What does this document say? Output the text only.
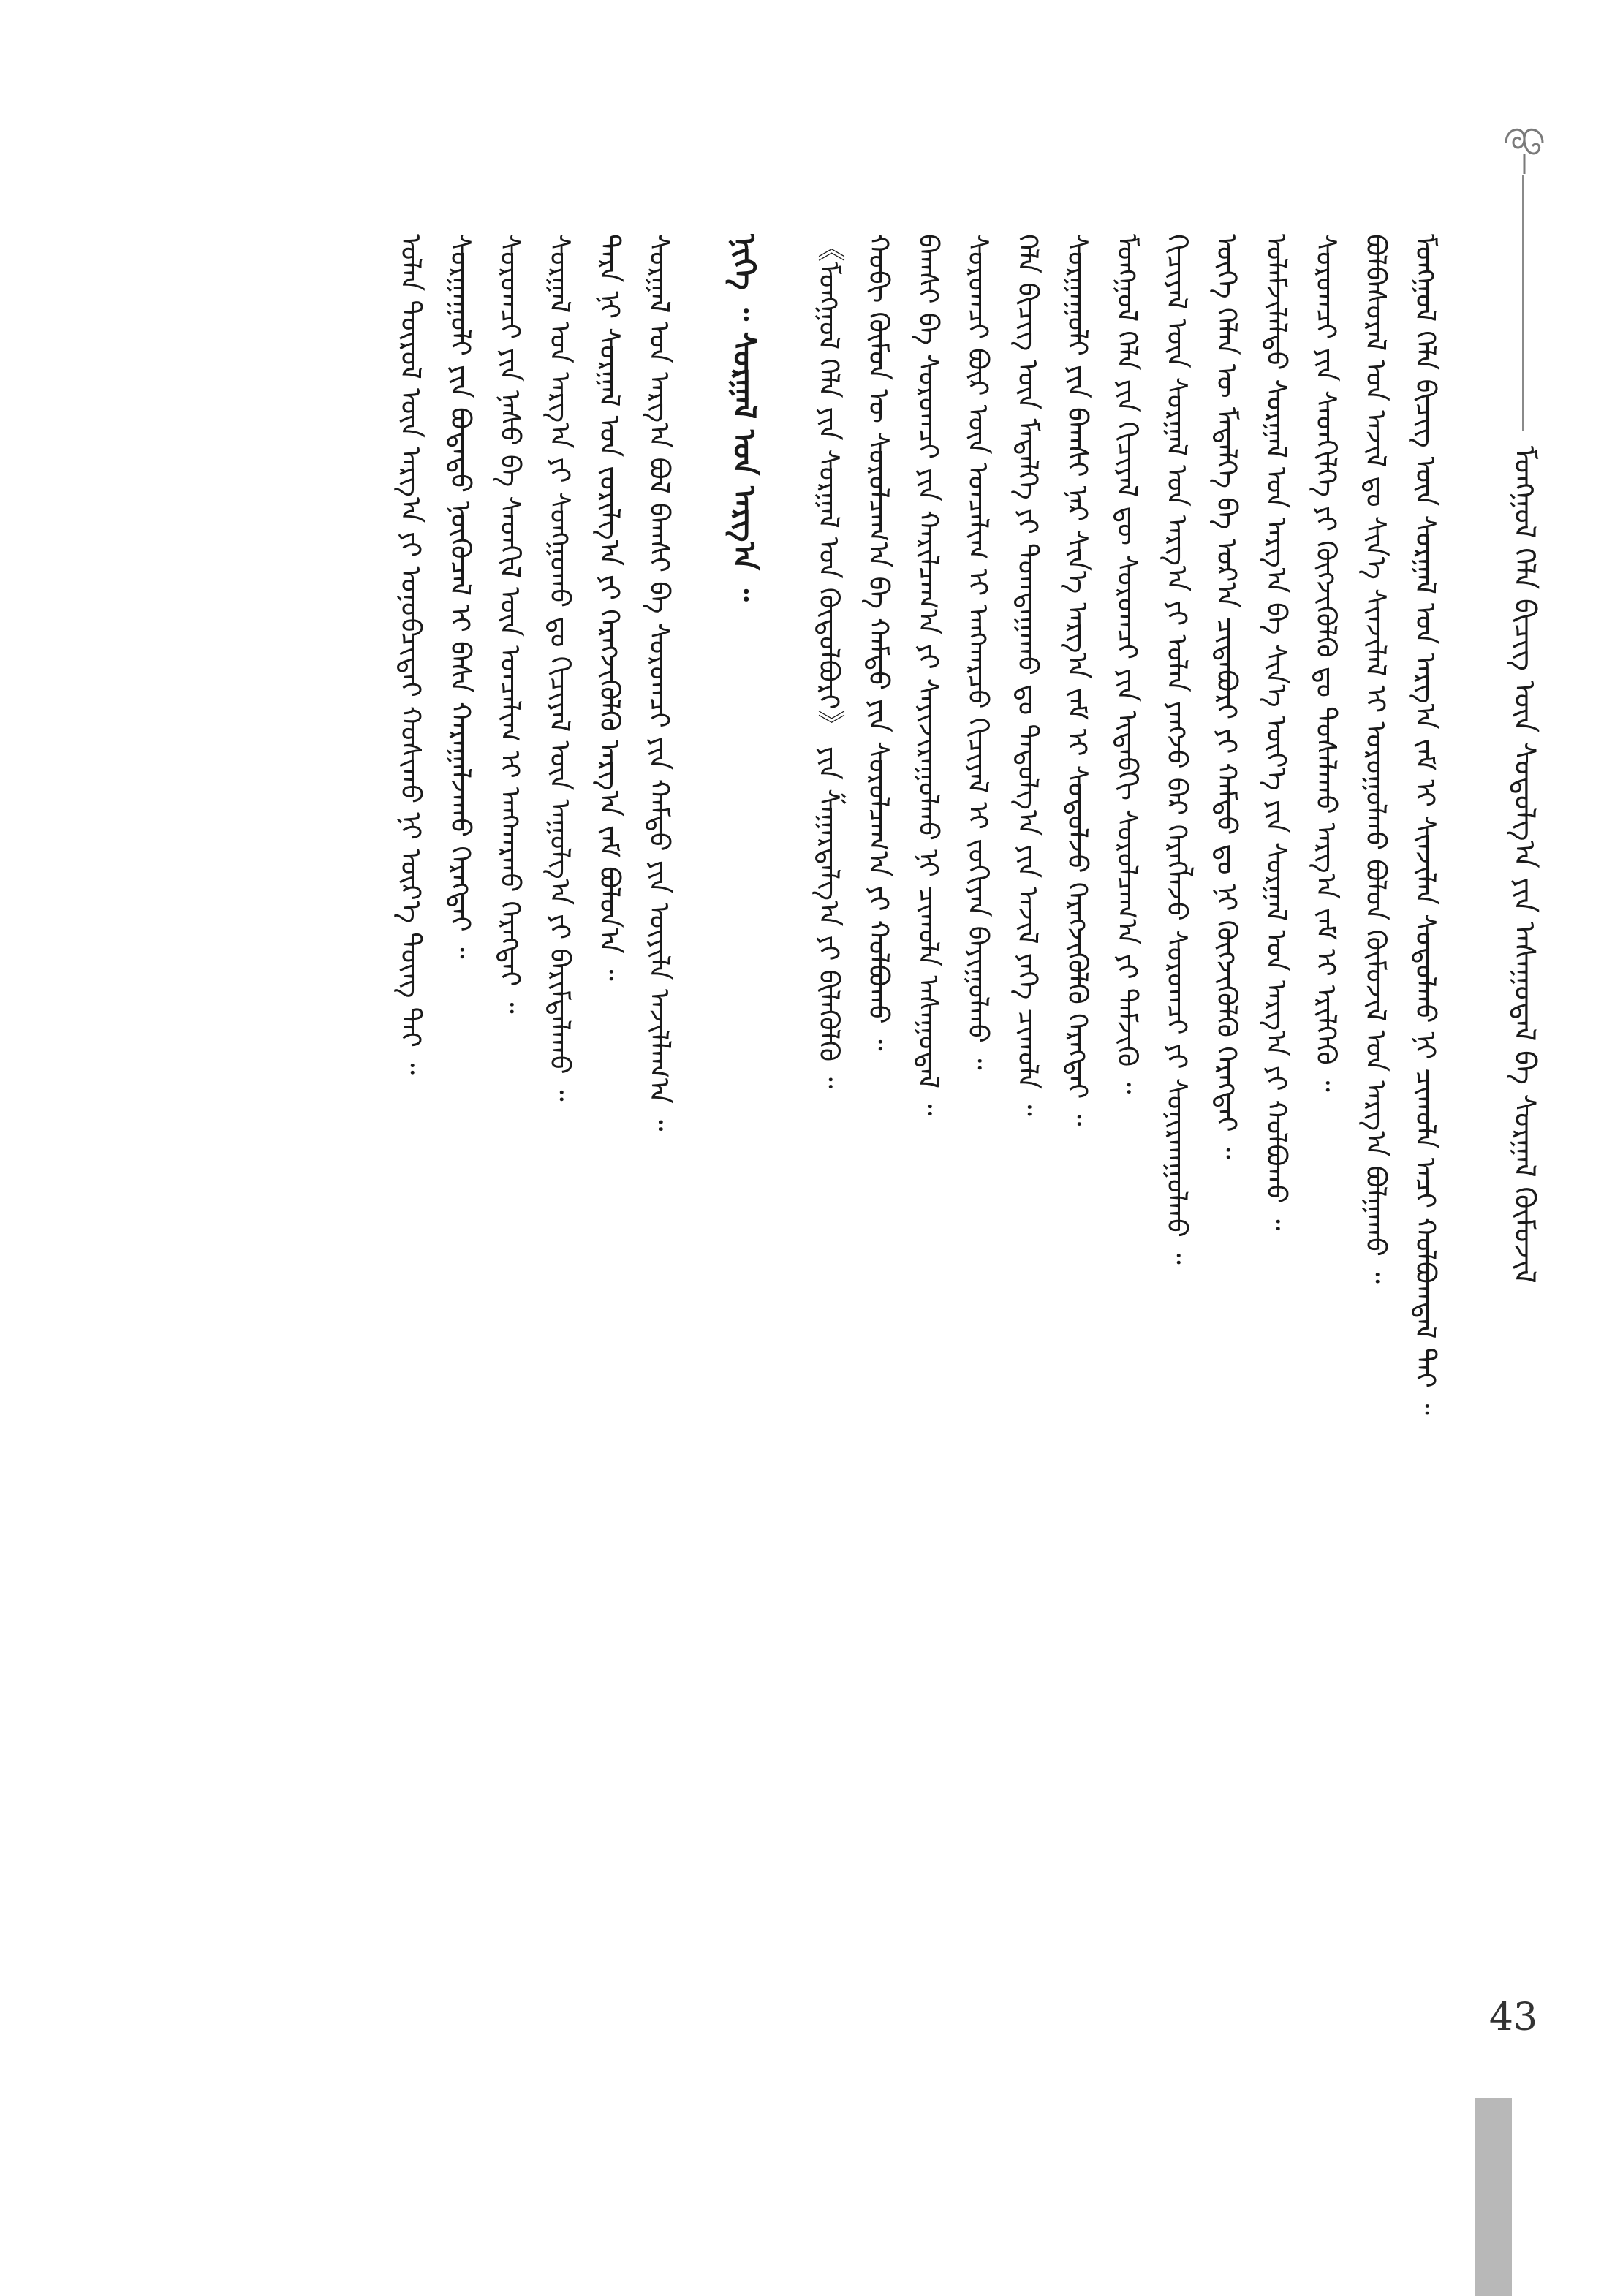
ᠮᠣᠩᠭᠣᠯ ᠬᠡᠯᠡ ᠪᠢᠴᠢᠭ ᠦᠨ ᠰᠤᠳᠤᠯᠭ᠎ᠠ ᠶᠢᠨ ᠠᠰᠠᠭᠤᠳᠠᠯ ᠪᠠ ᠰᠤᠷᠭᠠᠯ ᠬᠦᠮᠦᠵᠢᠯ
ᠮᠣᠩᠭᠣᠯ ᠬᠡᠯᠡ ᠪᠢᠴᠢᠭ ᠦᠨ ᠰᠤᠷᠭᠠᠯ ᠤᠨ ᠠᠷᠭ᠎ᠠ ᠵᠠᠮ ᠢ ᠰᠢᠨᠵᠢᠯᠡᠨ ᠰᠤᠳᠤᠯᠬᠤ ᠨᠢ ᠴᠢᠬᠤᠯᠠ ᠠᠴᠢ ᠬᠣᠯᠪᠣᠭᠳᠠᠯ ᠲᠠᠢ ᠃
ᠪᠣᠯᠪᠠᠰᠤᠷᠠᠯ ᠤᠨ ᠠᠵᠢᠯ ᠳᠤ ᠰᠢᠨ᠎ᠡ ᠰᠢᠨᠵᠢᠯᠡᠯ ᠢ ᠣᠷᠣᠭᠤᠯᠬᠤ ᠪᠣᠯᠤᠨ ᠬᠦᠮᠦᠵᠢᠯ ᠤᠨ ᠠᠷᠭ᠎ᠠ ᠪᠣᠯᠭᠠᠬᠤ ᠃
ᠰᠤᠷᠤᠭᠴᠢ ᠶᠢᠨ ᠰᠡᠳᠬᠢᠯᠭᠡ ᠶᠢ ᠬᠥᠭᠵᠢᠭᠦᠯᠬᠦ ᠳᠤ ᠲᠤᠰᠠᠯᠠᠬᠤ ᠠᠷᠭ᠎ᠠ ᠵᠠᠮ ᠢ ᠡᠷᠢᠯᠬᠡᠬᠦ ᠃
ᠤᠯᠠᠮᠵᠢᠯᠠᠯᠲᠤ ᠰᠤᠷᠭᠠᠯ ᠤᠨ ᠠᠷᠭ᠎ᠠ ᠪᠠ ᠰᠢᠨ᠎ᠡ ᠦᠶ᠎ᠡ ᠶᠢᠨ ᠰᠤᠷᠭᠠᠯ ᠤᠨ ᠠᠷᠭ᠎ᠠ ᠶᠢ ᠬᠣᠯᠪᠣᠬᠤ ᠃
ᠦᠭᠡ ᠬᠡᠯᠡᠨ ᠦ ᠮᠡᠳᠡᠯᠭᠡ ᠪᠠ ᠤᠷ᠎ᠠ ᠴᠢᠳᠠᠪᠤᠷᠢ ᠶᠢ ᠬᠠᠮᠲᠤ ᠳᠤ ᠨᠢ ᠬᠥᠭᠵᠢᠭᠦᠯᠬᠦ ᠬᠡᠷᠡᠭᠲᠡᠢ ᠃
ᠬᠢᠴᠢᠶᠡᠯ ᠦᠨ ᠰᠤᠷᠭᠠᠯ ᠤᠨ ᠠᠷᠭ᠎ᠠ ᠶᠢ ᠣᠯᠠᠨ ᠶᠠᠩᠵᠤ ᠪᠠᠷ ᠬᠡᠷᠡᠭᠯᠡᠵᠦ ᠰᠤᠷᠤᠭᠴᠢ ᠶᠢ ᠰᠣᠨᠢᠷᠬᠠᠭᠤᠯᠬᠤ ᠃
ᠮᠣᠩᠭᠣᠯ ᠬᠡᠯᠡ ᠶᠢᠨ ᠬᠢᠴᠢᠶᠡᠯ ᠳᠦ ᠰᠤᠷᠤᠭᠴᠢ ᠶᠢᠨ ᠢᠳᠡᠪᠬᠢ ᠰᠤᠷᠤᠯᠴᠠᠭ᠎ᠠ ᠶᠢ ᠳᠡᠮᠵᠢᠬᠦ ᠃
ᠰᠤᠷᠭᠠᠭᠤᠯᠢ ᠶᠢᠨ ᠪᠠᠭᠰᠢ ᠨᠠᠷ ᠰᠢᠨ᠎ᠡ ᠠᠷᠭ᠎ᠠ ᠵᠠᠮ ᠢ ᠰᠤᠳᠤᠯᠵᠤ ᠬᠡᠷᠡᠭᠵᠢᠭᠦᠯᠬᠦ ᠬᠡᠷᠡᠭᠲᠡᠢ ᠃
ᠬᠡᠯᠡ ᠪᠢᠴᠢᠭ ᠦᠨ ᠮᠡᠳᠡᠯᠭᠡ ᠶᠢ ᠲᠣᠭᠲᠠᠭᠠᠬᠤ ᠳᠤ ᠳᠠᠳᠤᠯᠭ᠎ᠠ ᠶᠢᠨ ᠠᠵᠢᠯ ᠶᠡᠬᠡ ᠴᠢᠬᠤᠯᠠ ᠃
ᠰᠤᠷᠤᠭᠴᠢ ᠪᠦᠷ ᠦᠨ ᠤᠨᠴᠠᠯᠢᠭ ᠢ ᠠᠩᠬᠠᠷᠴᠤ ᠬᠢᠴᠢᠶᠡᠯ ᠢ ᠵᠣᠬᠢᠶᠠᠨ ᠪᠠᠶᠢᠭᠤᠯᠬᠤ ᠃
ᠪᠠᠭᠰᠢ ᠪᠠ ᠰᠤᠷᠤᠭᠴᠢ ᠶᠢᠨ ᠬᠠᠷᠢᠯᠴᠠᠭ᠎ᠠ ᠶᠢ ᠰᠠᠶᠢᠵᠢᠷᠠᠭᠤᠯᠬᠤ ᠨᠢ ᠴᠢᠬᠤᠯᠠ ᠠᠰᠠᠭᠤᠳᠠᠯ ᠃
ᠬᠤᠪᠢ ᠬᠦᠮᠦᠨ ᠦ ᠰᠤᠷᠤᠯᠴᠠᠭ᠎ᠠ ᠪᠠ ᠬᠠᠮᠲᠤ ᠶᠢᠨ ᠰᠤᠷᠤᠯᠴᠠᠭ᠎ᠠ ᠶᠢ ᠬᠣᠯᠪᠣᠬᠤ ᠃
《ᠮᠣᠩᠭᠣᠯ ᠬᠡᠯᠡ ᠶᠢᠨ ᠰᠤᠷᠭᠠᠯ ᠤᠨ ᠬᠥᠲᠦᠯᠪᠦᠷᠢ》 ᠶᠢᠨ ᠱᠠᠭᠠᠷᠳᠠᠯᠭ᠎ᠠ ᠶᠢ ᠪᠢᠯᠡᠭᠦᠯᠬᠦ ᠃
ᠨᠢᠭᠡ ᠃ ᠰᠤᠷᠭᠠᠯ ᠤᠨ ᠠᠷᠭ᠎ᠠ ᠃
ᠰᠤᠷᠭᠠᠯ ᠤᠨ ᠠᠷᠭ᠎ᠠ ᠪᠣᠯ ᠪᠠᠭᠰᠢ ᠪᠠ ᠰᠤᠷᠤᠭᠴᠢ ᠶᠢᠨ ᠬᠠᠮᠲᠤ ᠶᠢᠨ ᠦᠶᠢᠯᠡ ᠠᠵᠢᠯᠯᠠᠭ᠎ᠠ ᠃
ᠲᠡᠷᠡ ᠨᠢ ᠰᠤᠷᠭᠠᠯ ᠤᠨ ᠵᠣᠷᠢᠯᠭ᠎ᠠ ᠶᠢ ᠬᠡᠷᠡᠭᠵᠢᠭᠦᠯᠬᠦ ᠠᠷᠭ᠎ᠠ ᠵᠠᠮ ᠪᠣᠯᠤᠨ᠎ᠠ ᠃
ᠰᠤᠷᠭᠠᠯ ᠤᠨ ᠠᠷᠭ᠎ᠠ ᠶᠢ ᠰᠣᠩᠭᠣᠬᠤ ᠳᠤ ᠬᠢᠴᠢᠶᠡᠯ ᠦᠨ ᠠᠭᠤᠯᠭ᠎ᠠ ᠶᠢ ᠪᠠᠷᠢᠮᠲᠠᠯᠠᠬᠤ ᠃
ᠰᠤᠷᠤᠭᠴᠢ ᠶᠢᠨ ᠨᠠᠰᠤ ᠪᠠ ᠰᠡᠳᠬᠢᠯ ᠦᠨ ᠤᠨᠴᠠᠯᠢᠭ ᠢ ᠠᠩᠬᠠᠷᠬᠤ ᠬᠡᠷᠡᠭᠲᠡᠢ ᠃
ᠰᠤᠷᠭᠠᠭᠤᠯᠢ ᠶᠢᠨ ᠪᠣᠳᠠᠲᠤ ᠨᠥᠬᠦᠴᠡᠯ ᠢ ᠪᠠᠰᠠ ᠬᠠᠷᠠᠭᠠᠯᠵᠠᠬᠤ ᠬᠡᠷᠡᠭᠲᠡᠢ ᠃
ᠣᠯᠠᠨ ᠲᠥᠷᠦᠯ ᠦᠨ ᠠᠷᠭ᠎ᠠ ᠶᠢ ᠣᠨᠣᠪᠴᠢᠲᠠᠢ ᠬᠣᠰᠢᠬᠤ ᠨᠢ ᠦᠷ᠎ᠡ ᠳᠦᠩ ᠲᠡᠢ ᠃
43
